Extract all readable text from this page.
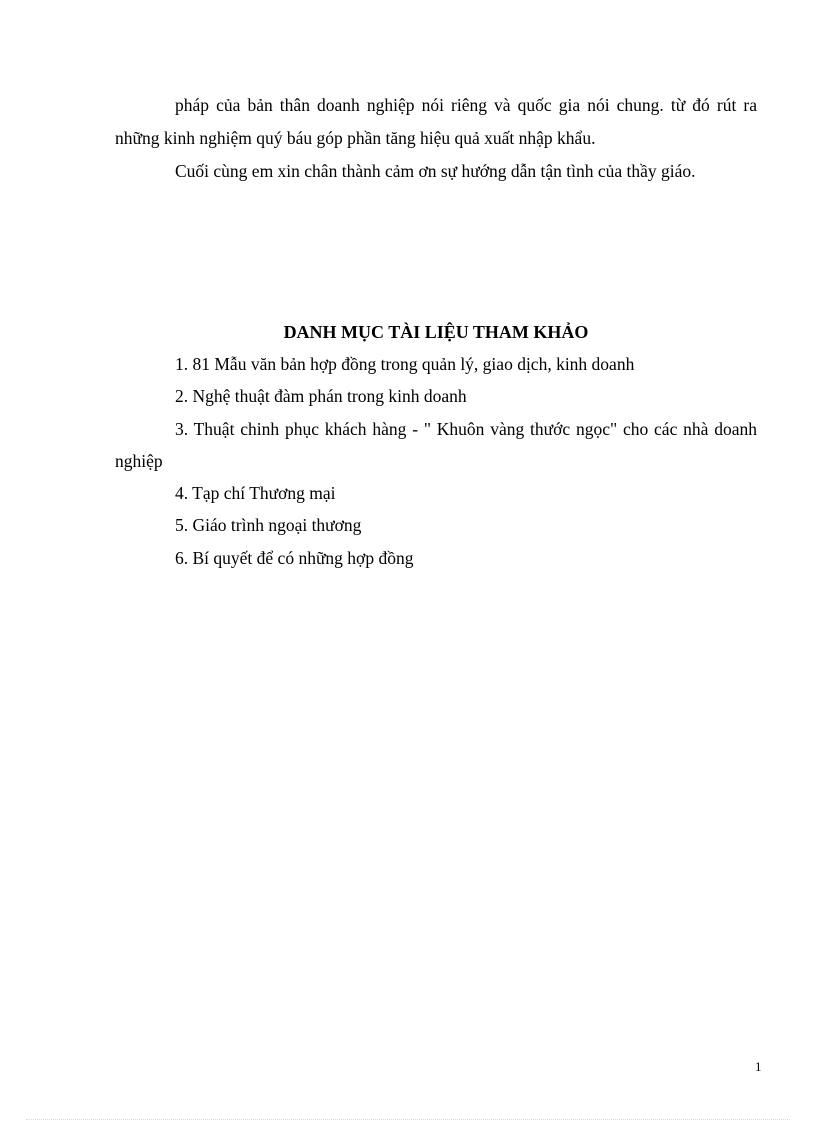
pháp của bản thân doanh nghiệp nói riêng và quốc gia nói chung. từ đó rút ra những kinh nghiệm quý báu góp phần tăng hiệu quả xuất nhập khẩu.

Cuối cùng em xin chân thành cảm ơn sự hướng dẫn tận tình của thầy giáo.

DANH MỤC TÀI LIỆU THAM KHẢO
1. 81 Mẫu văn bản hợp đồng trong quản lý, giao dịch, kinh doanh
2. Nghệ thuật đàm phán trong kinh doanh
3. Thuật chinh phục khách hàng - " Khuôn vàng thước ngọc" cho các nhà doanh nghiệp
4. Tạp chí Thương mại
5. Giáo trình ngoại thương
6. Bí quyết để có những hợp đồng
1
